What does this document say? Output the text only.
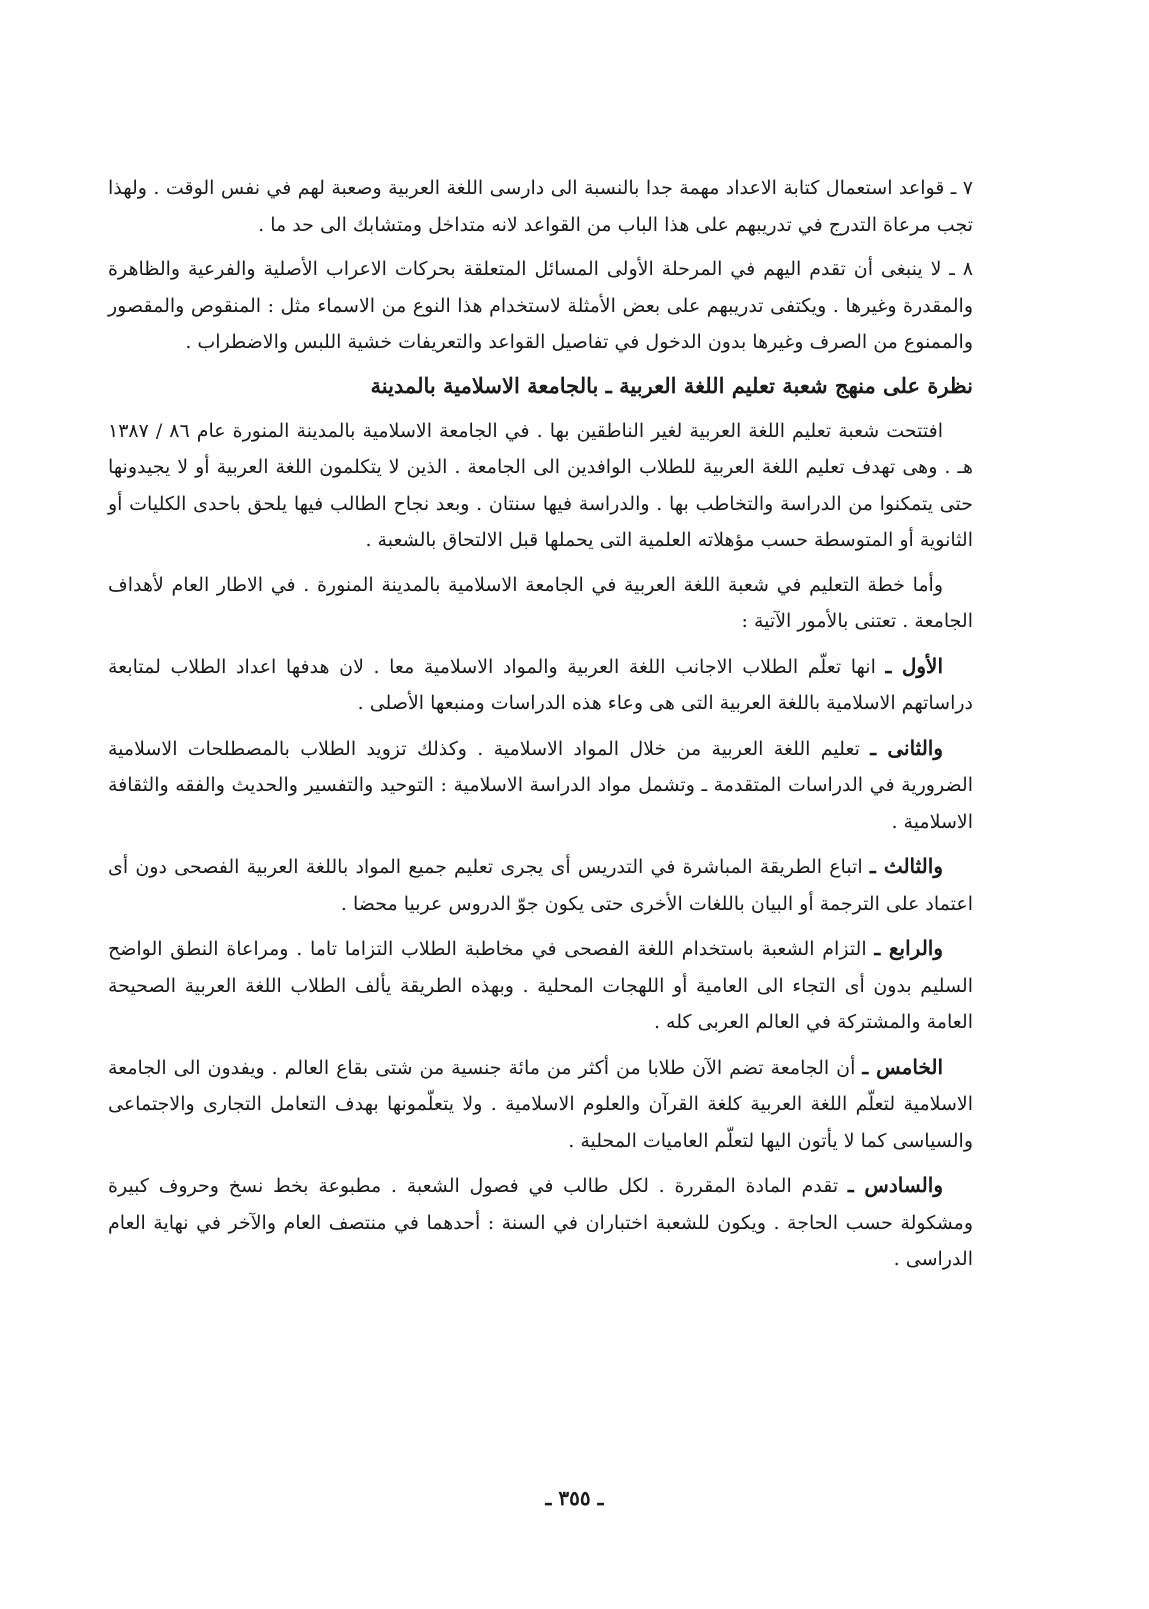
٧ ـ قواعد استعمال كتابة الاعداد مهمة جدا بالنسبة الى دارسى اللغة العربية وصعبة لهم في نفس الوقت . ولهذا تجب مرعاة التدرج في تدريبهم على هذا الباب من القواعد لانه متداخل ومتشابك الى حد ما .

٨ ـ لا ينبغى أن تقدم اليهم في المرحلة الأولى المسائل المتعلقة بحركات الاعراب الأصلية والفرعية والظاهرة والمقدرة وغيرها . ويكتفى تدريبهم على بعض الأمثلة لاستخدام هذا النوع من الاسماء مثل : المنقوص والمقصور والممنوع من الصرف وغيرها بدون الدخول في تفاصيل القواعد والتعريفات خشية اللبس والاضطراب .

نظرة على منهج شعبة تعليم اللغة العربية ـ بالجامعة الاسلامية بالمدينة

افتتحت شعبة تعليم اللغة العربية لغير الناطقين بها . في الجامعة الاسلامية بالمدينة المنورة عام ٨٦ / ١٣٨٧ هـ . وهى تهدف تعليم اللغة العربية للطلاب الوافدين الى الجامعة . الذين لا يتكلمون اللغة العربية أو لا يجيدونها حتى يتمكنوا من الدراسة والتخاطب بها . والدراسة فيها سنتان . وبعد نجاح الطالب فيها يلحق باحدى الكليات أو الثانوية أو المتوسطة حسب مؤهلاته العلمية التى يحملها قبل الالتحاق بالشعبة .

وأما خطة التعليم في شعبة اللغة العربية في الجامعة الاسلامية بالمدينة المنورة . في الاطار العام لأهداف الجامعة . تعتنى بالأمور الآتية :

الأول ـ انها تعلّم الطلاب الاجانب اللغة العربية والمواد الاسلامية معا . لان هدفها اعداد الطلاب لمتابعة دراساتهم الاسلامية باللغة العربية التى هى وعاء هذه الدراسات ومنبعها الأصلى .

والثانى ـ تعليم اللغة العربية من خلال المواد الاسلامية . وكذلك تزويد الطلاب بالمصطلحات الاسلامية الضرورية في الدراسات المتقدمة ـ وتشمل مواد الدراسة الاسلامية : التوحيد والتفسير والحديث والفقه والثقافة الاسلامية .

والثالث ـ اتباع الطريقة المباشرة في التدريس أى يجرى تعليم جميع المواد باللغة العربية الفصحى دون أى اعتماد على الترجمة أو البيان باللغات الأخرى حتى يكون جوّ الدروس عربيا محضا .

والرابع ـ التزام الشعبة باستخدام اللغة الفصحى في مخاطبة الطلاب التزاما تاما . ومراعاة النطق الواضح السليم بدون أى التجاء الى العامية أو اللهجات المحلية . وبهذه الطريقة يألف الطلاب اللغة العربية الصحيحة العامة والمشتركة في العالم العربى كله .

الخامس ـ أن الجامعة تضم الآن طلابا من أكثر من مائة جنسية من شتى بقاع العالم . ويفدون الى الجامعة الاسلامية لتعلّم اللغة العربية كلغة القرآن والعلوم الاسلامية . ولا يتعلّمونها بهدف التعامل التجارى والاجتماعى والسياسى كما لا يأتون اليها لتعلّم العاميات المحلية .

والسادس ـ تقدم المادة المقررة . لكل طالب في فصول الشعبة . مطبوعة بخط نسخ وحروف كبيرة ومشكولة حسب الحاجة . ويكون للشعبة اختباران في السنة : أحدهما في منتصف العام والآخر في نهاية العام الدراسى .

ـ ٣٥٥ ـ
